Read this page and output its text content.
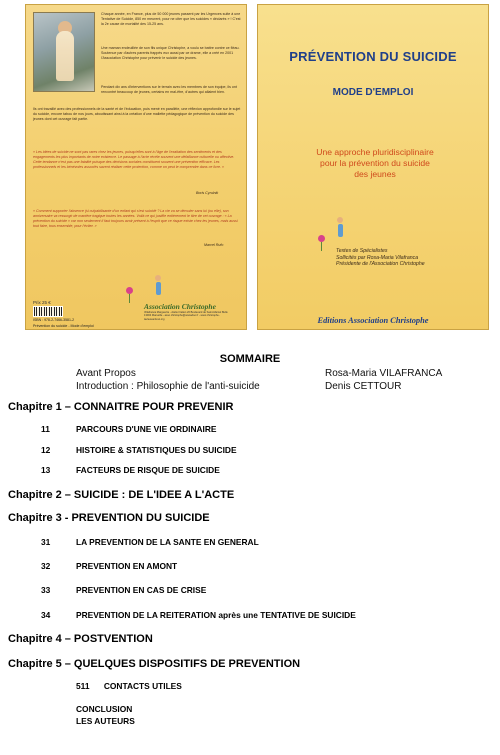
Chaque année, en France, plus de 50 000 jeunes passent par les Urgences suite à une Tentative de Suicide, 850 en meurent, pour ne citer que les suicides « déclarés » ! C'est la 2e cause de mortalité des 15-25 ans.
Une maman endeuillée de son fils unique Christophe, a voulu se battre contre ce fléau. Soutenue par d'autres parents frappés eux aussi par ce drame, elle a créé en 2001 l'Association Christophe pour prévenir le suicide des jeunes.
Pendant dix ans d'interventions sur le terrain avec les membres de son équipe, ils ont rencontré beaucoup de jeunes, certains en mal-être, d'autres qui allaient bien.
Ils ont travaillé avec des professionnels de la santé et de l'éducation, puis mené en parallèle, une réflexion approfondie sur le sujet du suicide, encore tabou de nos jours, aboutissant ainsi à la création d'une mallette pédagogique de prévention du suicide des jeunes dont cet ouvrage fait partie.
« Les idées de suicide ne sont pas rares chez les jeunes, puisqu'elles sont à l'âge de l'exaltation des sentiments et des engagements les plus importants de notre existence. Le passage à l'acte révèle souvent une défaillance culturelle ou affective. Cette tendance n'est pas une fatalité puisque des décisions sociales constituent souvent une prévention efficace. Les professionnels et les bénévoles associés savent réaliser cette protection, comme on peut le comprendre dans ce livre. »
Boris Cyrulnik
« Comment supporter l'absence (si culpabilisante d'un enfant qui s'est suicidé ? La vie va se dérouler sans lui (ou elle), son anniversaire va ressurgir de manière tragique toutes les années. Voilà ce qui justifie entièrement le titre de cet ouvrage : « La prévention du suicide » car non seulement il faut toujours avoir présent à l'esprit que ce risque existe chez les jeunes, mais aussi tout faire, tous ensemble, pour l'éviter. »
Marcel Rufo
Prix 25 €
ISBN : 978-2-7466-3581-2
Prévention du suicide - Mode d'emploi
Association Christophe
Villafranca Marguerite - Atelier Italien 20 Boulevard de Saint-Marcel Bulle 13004 Marseille - asso.christophe@wanadoo.fr - www.christophe-lavieavanttout.org
PRÉVENTION DU SUICIDE
MODE D'EMPLOI
Une approche pluridisciplinaire
pour la prévention du suicide
des jeunes
Textes de Spécialistes
Sollicités par Rosa-Maria Vilafranca
Présidente de l'Association Christophe
Editions Association Christophe
SOMMAIRE
Avant Propos	Rosa-Maria VILAFRANCA
Introduction : Philosophie de l'anti-suicide	Denis CETTOUR
Chapitre 1 – CONNAITRE POUR PREVENIR
11	PARCOURS D'UNE VIE ORDINAIRE
12	HISTOIRE & STATISTIQUES DU SUICIDE
13	FACTEURS DE RISQUE DE SUICIDE
Chapitre 2 – SUICIDE : DE L'IDEE A L'ACTE
Chapitre 3 - PREVENTION DU SUICIDE
31	LA PREVENTION DE LA SANTE EN GENERAL
32	PREVENTION EN AMONT
33	PREVENTION EN CAS DE CRISE
34	PREVENTION DE LA REITERATION après une TENTATIVE DE SUICIDE
Chapitre 4 – POSTVENTION
Chapitre 5 – QUELQUES DISPOSITIFS DE PREVENTION
511 CONTACTS UTILES
CONCLUSION
LES AUTEURS
